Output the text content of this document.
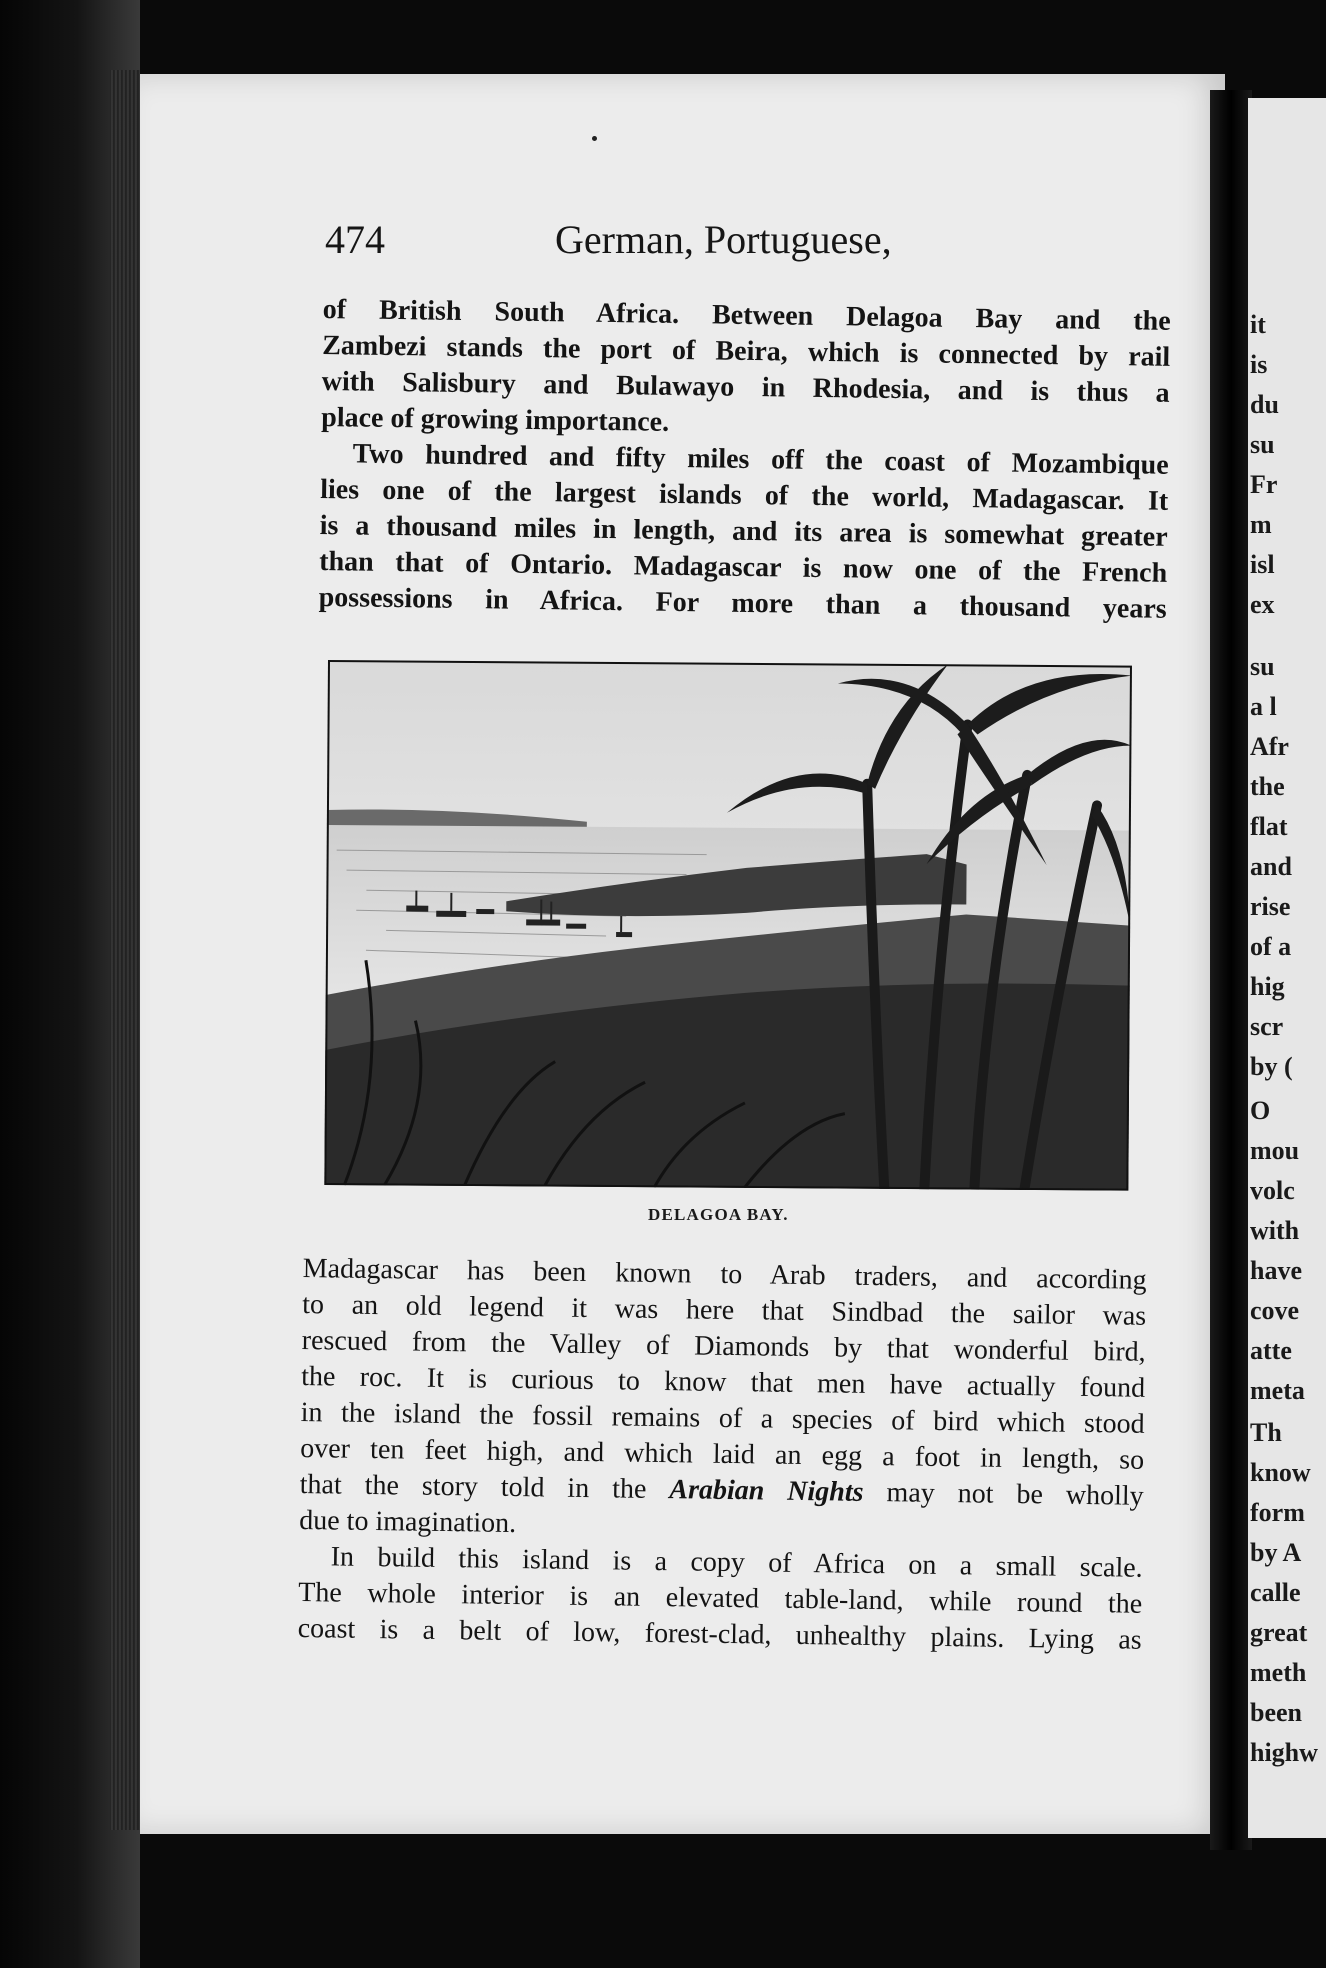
474	German, Portuguese,
of British South Africa. Between Delagoa Bay and the
Zambezi stands the port of Beira, which is connected by rail
with Salisbury and Bulawayo in Rhodesia, and is thus a
place of growing importance.
Two hundred and fifty miles off the coast of Mozambique
lies one of the largest islands of the world, Madagascar. It
is a thousand miles in length, and its area is somewhat greater
than that of Ontario. Madagascar is now one of the French
possessions in Africa. For more than a thousand years
DELAGOA BAY.
Madagascar has been known to Arab traders, and according
to an old legend it was here that Sindbad the sailor was
rescued from the Valley of Diamonds by that wonderful bird,
the roc. It is curious to know that men have actually found
in the island the fossil remains of a species of bird which stood
over ten feet high, and which laid an egg a foot in length, so
that the story told in the Arabian Nights may not be wholly
due to imagination.
In build this island is a copy of Africa on a small scale.
The whole interior is an elevated table-land, while round the
coast is a belt of low, forest-clad, unhealthy plains. Lying as
it
is
du
su
Fr
m
isl
ex
su
a l
Afr
the
flat
and
rise
of a
hig
scr
by (
O
mou
volc
with
have
cove
atte
meta
Th
know
form
by A
calle
great
meth
been
highw
